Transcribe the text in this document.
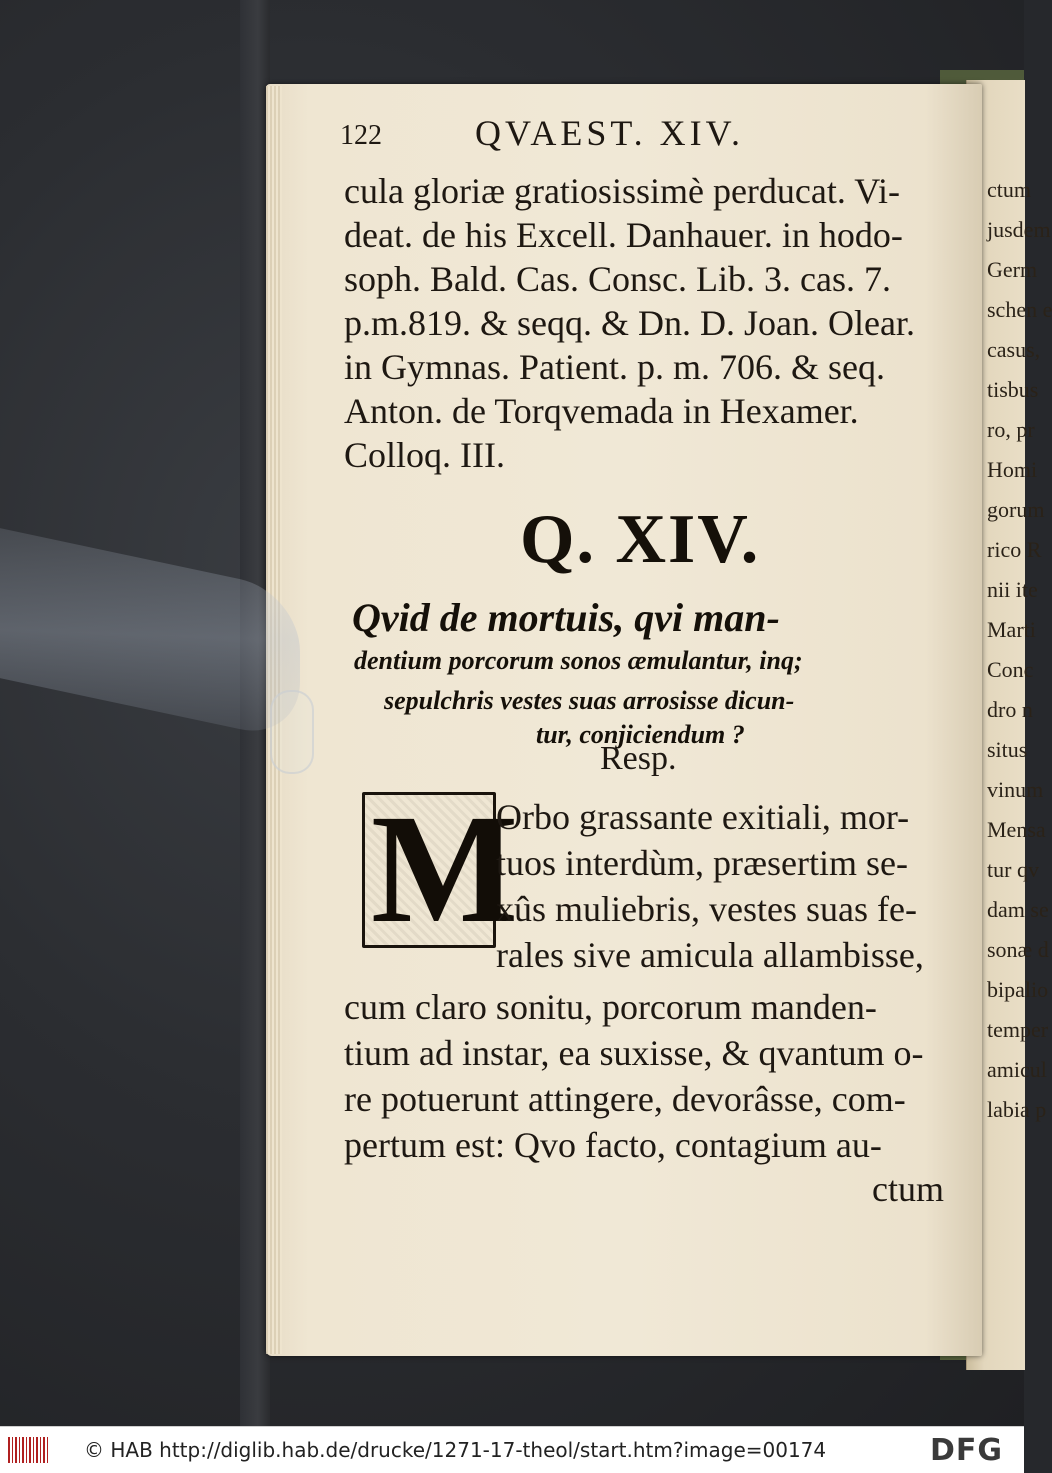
ctum
jusdem
Germ
schen e
casus,
tisbus
ro, pr
Homi
gorum
rico R
nii ite
Marti
Conc
dro n
situs
vinum
Mensa
tur qv
dam se
sonæ d
bipalio
temper
amicul
labia p
122	QVAEST. XIV.
cula gloriæ gratiosissimè perducat. Vi-
deat. de his Excell. Danhauer. in hodo-
soph. Bald. Cas. Consc. Lib. 3. cas. 7.
p.m.819. & seqq. & Dn. D. Joan. Olear.
in Gymnas. Patient. p. m. 706. & seq.
Anton. de Torqvemada in Hexamer.
Colloq. III.
Q. XIV.
Qvid de mortuis, qvi man-
dentium porcorum sonos æmulantur, inq;
sepulchris vestes suas arrosisse dicun-
tur, conjiciendum ?
Resp.
M
Orbo grassante exitiali, mor-
tuos interdùm, præsertim se-
xûs muliebris, vestes suas fe-
rales sive amicula allambisse,
cum claro sonitu, porcorum manden-
tium ad instar, ea suxisse, & qvantum o-
re potuerunt attingere, devorâsse, com-
pertum est: Qvo facto, contagium au-
ctum
© HAB http://diglib.hab.de/drucke/1271-17-theol/start.htm?image=00174	DFG
